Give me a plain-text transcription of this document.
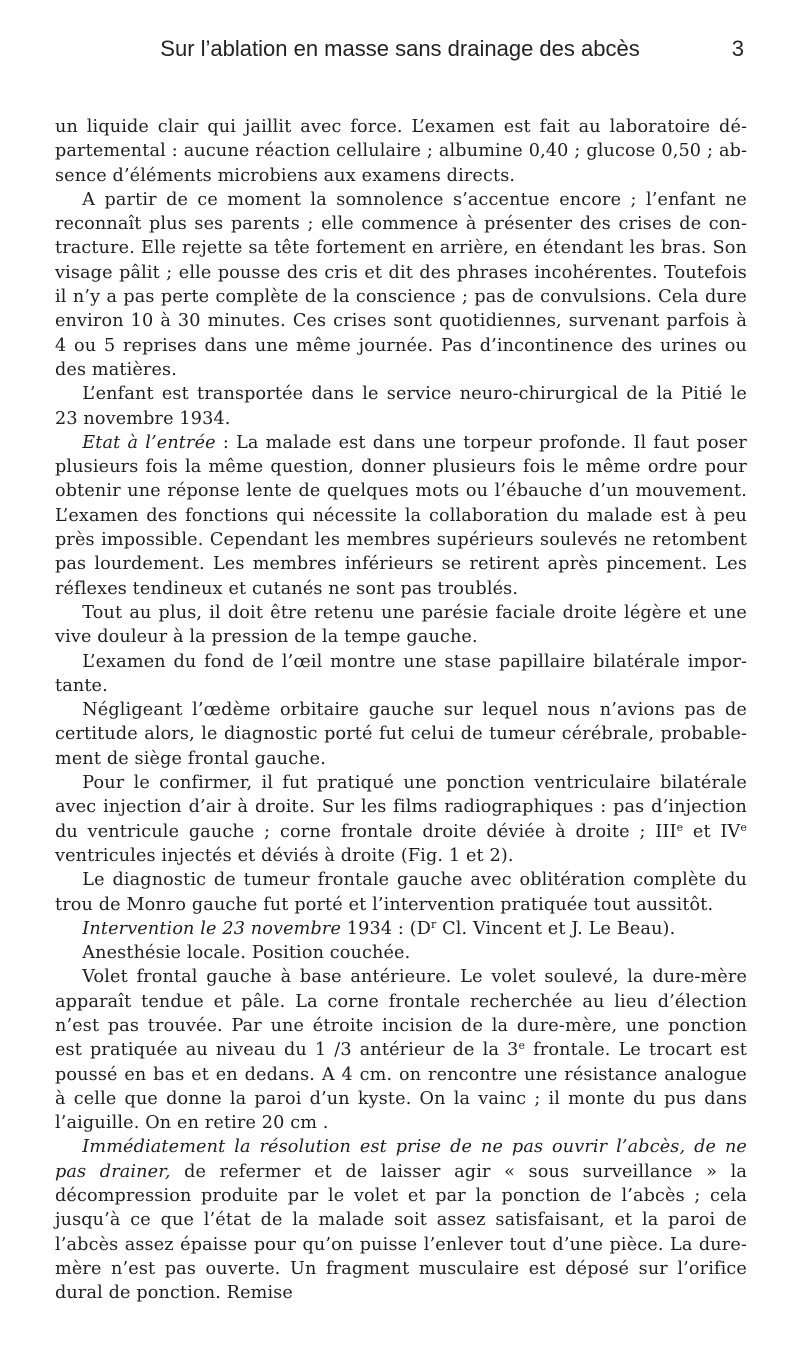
Sur l’ablation en masse sans drainage des abcès	3

un liquide clair qui jaillit avec force. L’examen est fait au laboratoire départemental : aucune réaction cellulaire ; albumine 0,40 ; glucose 0,50 ; absence d’éléments microbiens aux examens directs.

A partir de ce moment la somnolence s’accentue encore ; l’enfant ne reconnaît plus ses parents ; elle commence à présenter des crises de contracture. Elle rejette sa tête fortement en arrière, en étendant les bras. Son visage pâlit ; elle pousse des cris et dit des phrases incohérentes. Toutefois il n’y a pas perte complète de la conscience ; pas de convulsions. Cela dure environ 10 à 30 minutes. Ces crises sont quotidiennes, survenant parfois à 4 ou 5 reprises dans une même journée. Pas d’incontinence des urines ou des matières.

L’enfant est transportée dans le service neuro-chirurgical de la Pitié le 23 novembre 1934.

Etat à l’entrée : La malade est dans une torpeur profonde. Il faut poser plusieurs fois la même question, donner plusieurs fois le même ordre pour obtenir une réponse lente de quelques mots ou l’ébauche d’un mouvement. L’examen des fonctions qui nécessite la collaboration du malade est à peu près impossible. Cependant les membres supérieurs soulevés ne retombent pas lourdement. Les membres inférieurs se retirent après pincement. Les réflexes tendineux et cutanés ne sont pas troublés.

Tout au plus, il doit être retenu une parésie faciale droite légère et une vive douleur à la pression de la tempe gauche.

L’examen du fond de l’œil montre une stase papillaire bilatérale importante.

Négligeant l’œdème orbitaire gauche sur lequel nous n’avions pas de certitude alors, le diagnostic porté fut celui de tumeur cérébrale, probablement de siège frontal gauche.

Pour le confirmer, il fut pratiqué une ponction ventriculaire bilatérale avec injection d’air à droite. Sur les films radiographiques : pas d’injection du ventricule gauche ; corne frontale droite déviée à droite ; IIIe et IVe ventricules injectés et déviés à droite (Fig. 1 et 2).

Le diagnostic de tumeur frontale gauche avec oblitération complète du trou de Monro gauche fut porté et l’intervention pratiquée tout aussitôt.

Intervention le 23 novembre 1934 : ($D^r$ Cl. Vincent et J. Le Beau).

Anesthésie locale. Position couchée.

Volet frontal gauche à base antérieure. Le volet soulevé, la dure-mère apparaît tendue et pâle. La corne frontale recherchée au lieu d’élection n’est pas trouvée. Par une étroite incision de la dure-mère, une ponction est pratiquée au niveau du 1 /3 antérieur de la 3e frontale. Le trocart est poussé en bas et en dedans. A 4 cm. on rencontre une résistance analogue à celle que donne la paroi d’un kyste. On la vainc ; il monte du pus dans l’aiguille. On en retire 20 cm .

Immédiatement la résolution est prise de ne pas ouvrir l’abcès, de ne pas drainer, de refermer et de laisser agir « sous surveillance » la décompression produite par le volet et par la ponction de l’abcès ; cela jusqu’à ce que l’état de la malade soit assez satisfaisant, et la paroi de l’abcès assez épaisse pour qu’on puisse l’enlever tout d’une pièce. La dure-mère n’est pas ouverte. Un fragment musculaire est déposé sur l’orifice dural de ponction. Remise
